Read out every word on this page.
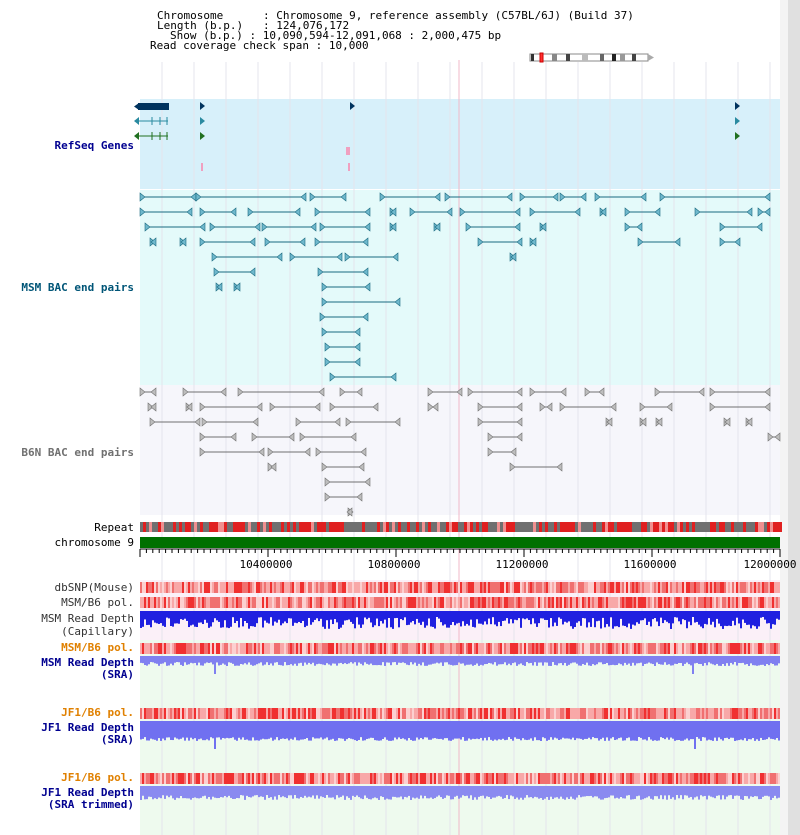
Chromosome      : Chromosome 9, reference assembly (C57BL/6J) (Build 37)
Length (b.p.)   : 124,076,172
Show (b.p.) : 10,090,594-12,091,068 : 2,000,475 bp
Read coverage check span : 10,000
RefSeq Genes
MSM BAC end pairs
B6N BAC end pairs
Repeat
chromosome 9
dbSNP(Mouse)
MSM/B6 pol.
MSM Read Depth
(Capillary)
MSM/B6 pol.
MSM Read Depth
(SRA)
JF1/B6 pol.
JF1 Read Depth
(SRA)
JF1/B6 pol.
JF1 Read Depth
(SRA trimmed)
10400000	10800000	11200000	11600000	12000000
